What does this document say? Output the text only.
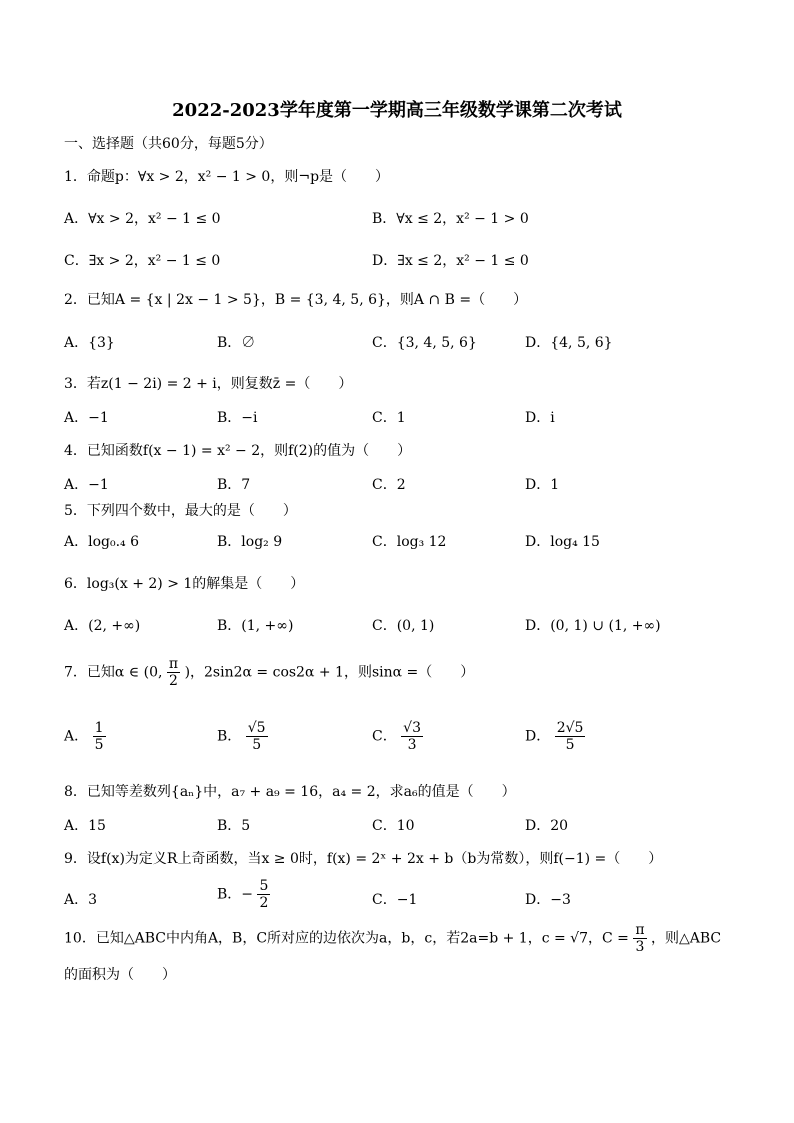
2022-2023学年度第一学期高三年级数学课第二次考试
一、选择题（共60分，每题5分）
1．命题p：∀x > 2，x² − 1 > 0，则¬p是（　　）
A．∀x > 2，x² − 1 ≤ 0	B．∀x ≤ 2，x² − 1 > 0
C．∃x > 2，x² − 1 ≤ 0	D．∃x ≤ 2，x² − 1 ≤ 0
2．已知A = {x | 2x − 1 > 5}，B = {3, 4, 5, 6}，则A ∩ B =（　　）
A．{3}	B．∅	C．{3, 4, 5, 6}	D．{4, 5, 6}
3．若z(1 − 2i) = 2 + i，则复数z̄ =（　　）
A．−1	B．−i	C．1	D．i
4．已知函数f(x − 1) = x² − 2，则f(2)的值为（　　）
A．−1	B．7	C．2	D．1
5．下列四个数中，最大的是（　　）
A．log₀.₄ 6	B．log₂ 9	C．log₃ 12	D．log₄ 15
6．log₃(x + 2) > 1的解集是（　　）
A．(2, +∞)	B．(1, +∞)	C．(0, 1)	D．(0, 1) ∪ (1, +∞)
7．已知α ∈ (0, $\frac{\pi}{2}$ )，2sin2α = cos2α + 1，则sinα =（　　）
A． $\frac{1}{5}$	B． $\frac{√5}{5}$	C． $\frac{√3}{3}$	D． $\frac{2√5}{5}$
8．已知等差数列{aₙ}中，a₇ + a₉ = 16，a₄ = 2，求a₆的值是（　　）
A．15	B．5	C．10	D．20
9．设f(x)为定义R上奇函数，当x ≥ 0时，f(x) = 2ˣ + 2x + b（b为常数），则f(−1) =（　　）
A．3	B．− $\frac{5}{2}$	C．−1	D．−3
10．已知△ABC中内角A，B，C所对应的边依次为a，b，c，若2a=b + 1，c = √7，$C = \frac{\pi}{3}$ ，则△ABC
的面积为（　　）
